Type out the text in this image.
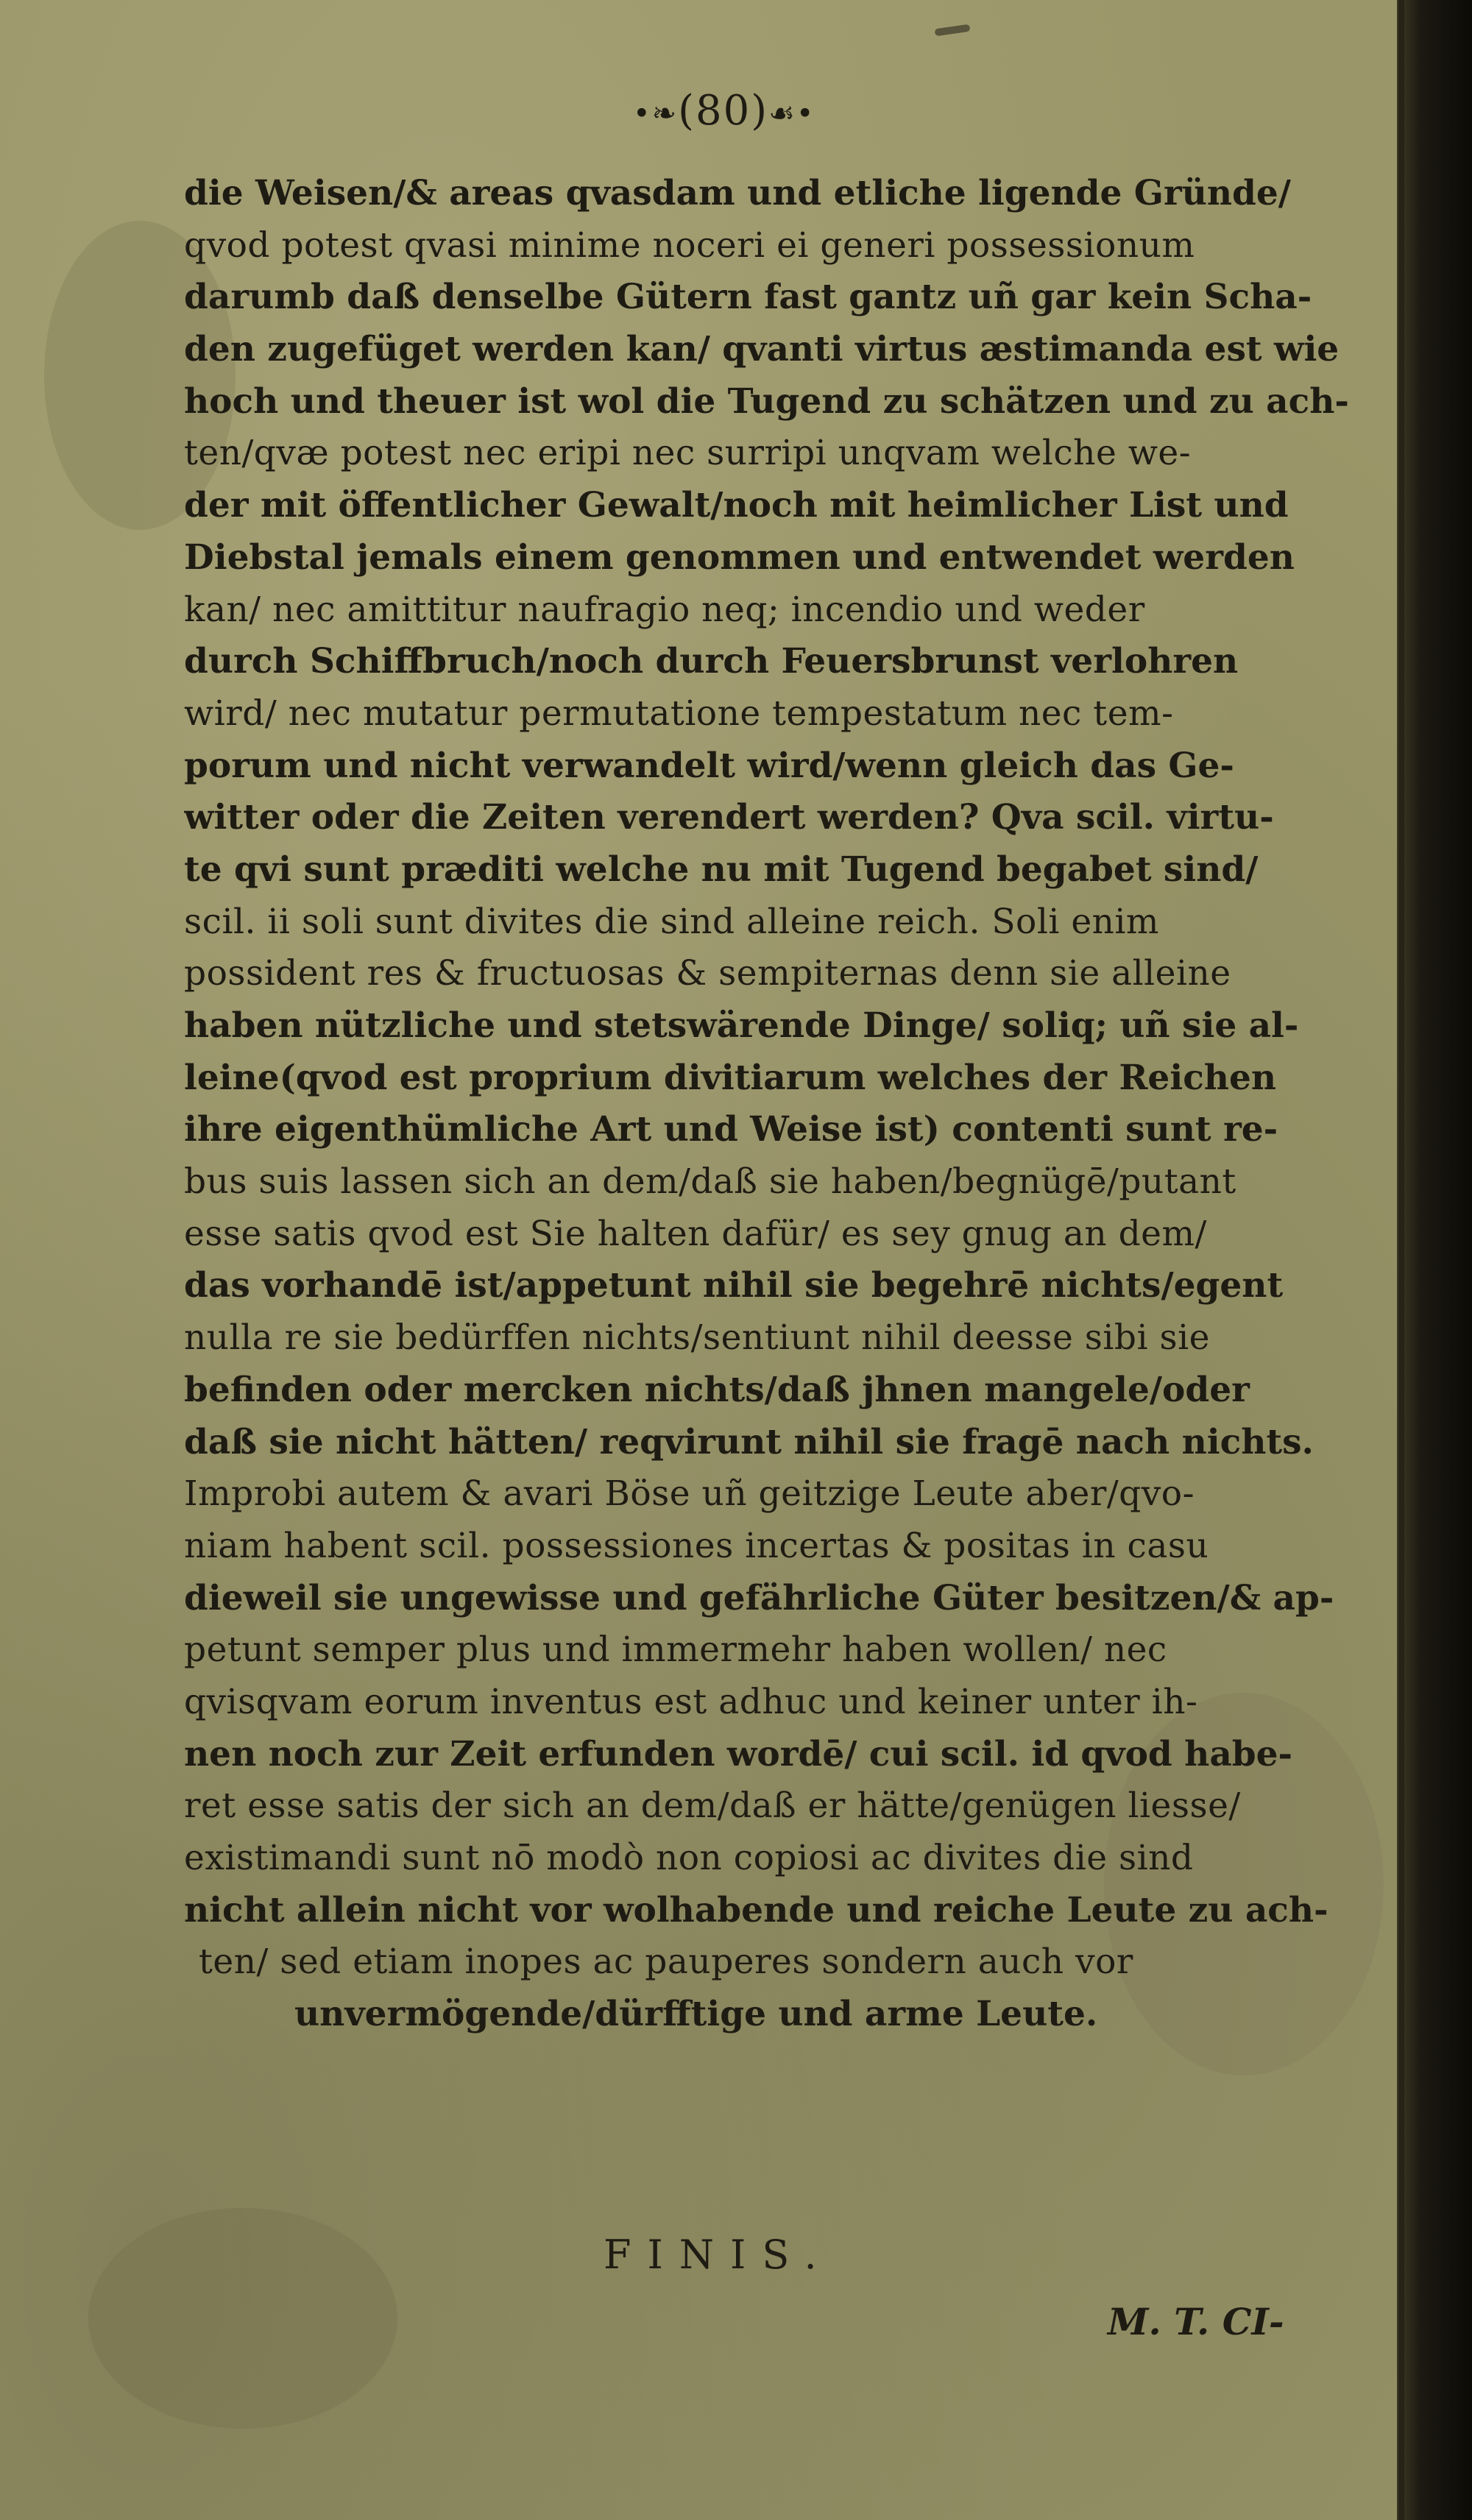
•❧(80)☙•
die Weisen/& areas qvasdam und etliche ligende Gründe/
qvod potest qvasi minime noceri ei generi possessionum
darumb daß denselbe Gütern fast gantz uñ gar kein Scha-
den zugefüget werden kan/ qvanti virtus æstimanda est wie
hoch und theuer ist wol die Tugend zu schätzen und zu ach-
ten/qvæ potest nec eripi nec surripi unqvam welche we-
der mit öffentlicher Gewalt/noch mit heimlicher List und
Diebstal jemals einem genommen und entwendet werden
kan/ nec amittitur naufragio neq; incendio und weder
durch Schiffbruch/noch durch Feuersbrunst verlohren
wird/ nec mutatur permutatione tempestatum nec tem-
porum und nicht verwandelt wird/wenn gleich das Ge-
witter oder die Zeiten verendert werden? Qva scil. virtu-
te qvi sunt præditi welche nu mit Tugend begabet sind/
scil. ii soli sunt divites die sind alleine reich. Soli enim
possident res & fructuosas & sempiternas denn sie alleine
haben nützliche und stetswärende Dinge/ soliq; uñ sie al-
leine(qvod est proprium divitiarum welches der Reichen
ihre eigenthümliche Art und Weise ist) contenti sunt re-
bus suis lassen sich an dem/daß sie haben/begnügē/putant
esse satis qvod est Sie halten dafür/ es sey gnug an dem/
das vorhandē ist/appetunt nihil sie begehrē nichts/egent
nulla re sie bedürffen nichts/sentiunt nihil deesse sibi sie
befinden oder mercken nichts/daß jhnen mangele/oder
daß sie nicht hätten/ reqvirunt nihil sie fragē nach nichts.
Improbi autem & avari Böse uñ geitzige Leute aber/qvo-
niam habent scil. possessiones incertas & positas in casu
dieweil sie ungewisse und gefährliche Güter besitzen/& ap-
petunt semper plus und immermehr haben wollen/ nec
qvisqvam eorum inventus est adhuc und keiner unter ih-
nen noch zur Zeit erfunden wordē/ cui scil. id qvod habe-
ret esse satis der sich an dem/daß er hätte/genügen liesse/
existimandi sunt nō modò non copiosi ac divites die sind
nicht allein nicht vor wolhabende und reiche Leute zu ach-
ten/ sed etiam inopes ac pauperes sondern auch vor
unvermögende/dürfftige und arme Leute.
FINIS.
M. T. CI-
